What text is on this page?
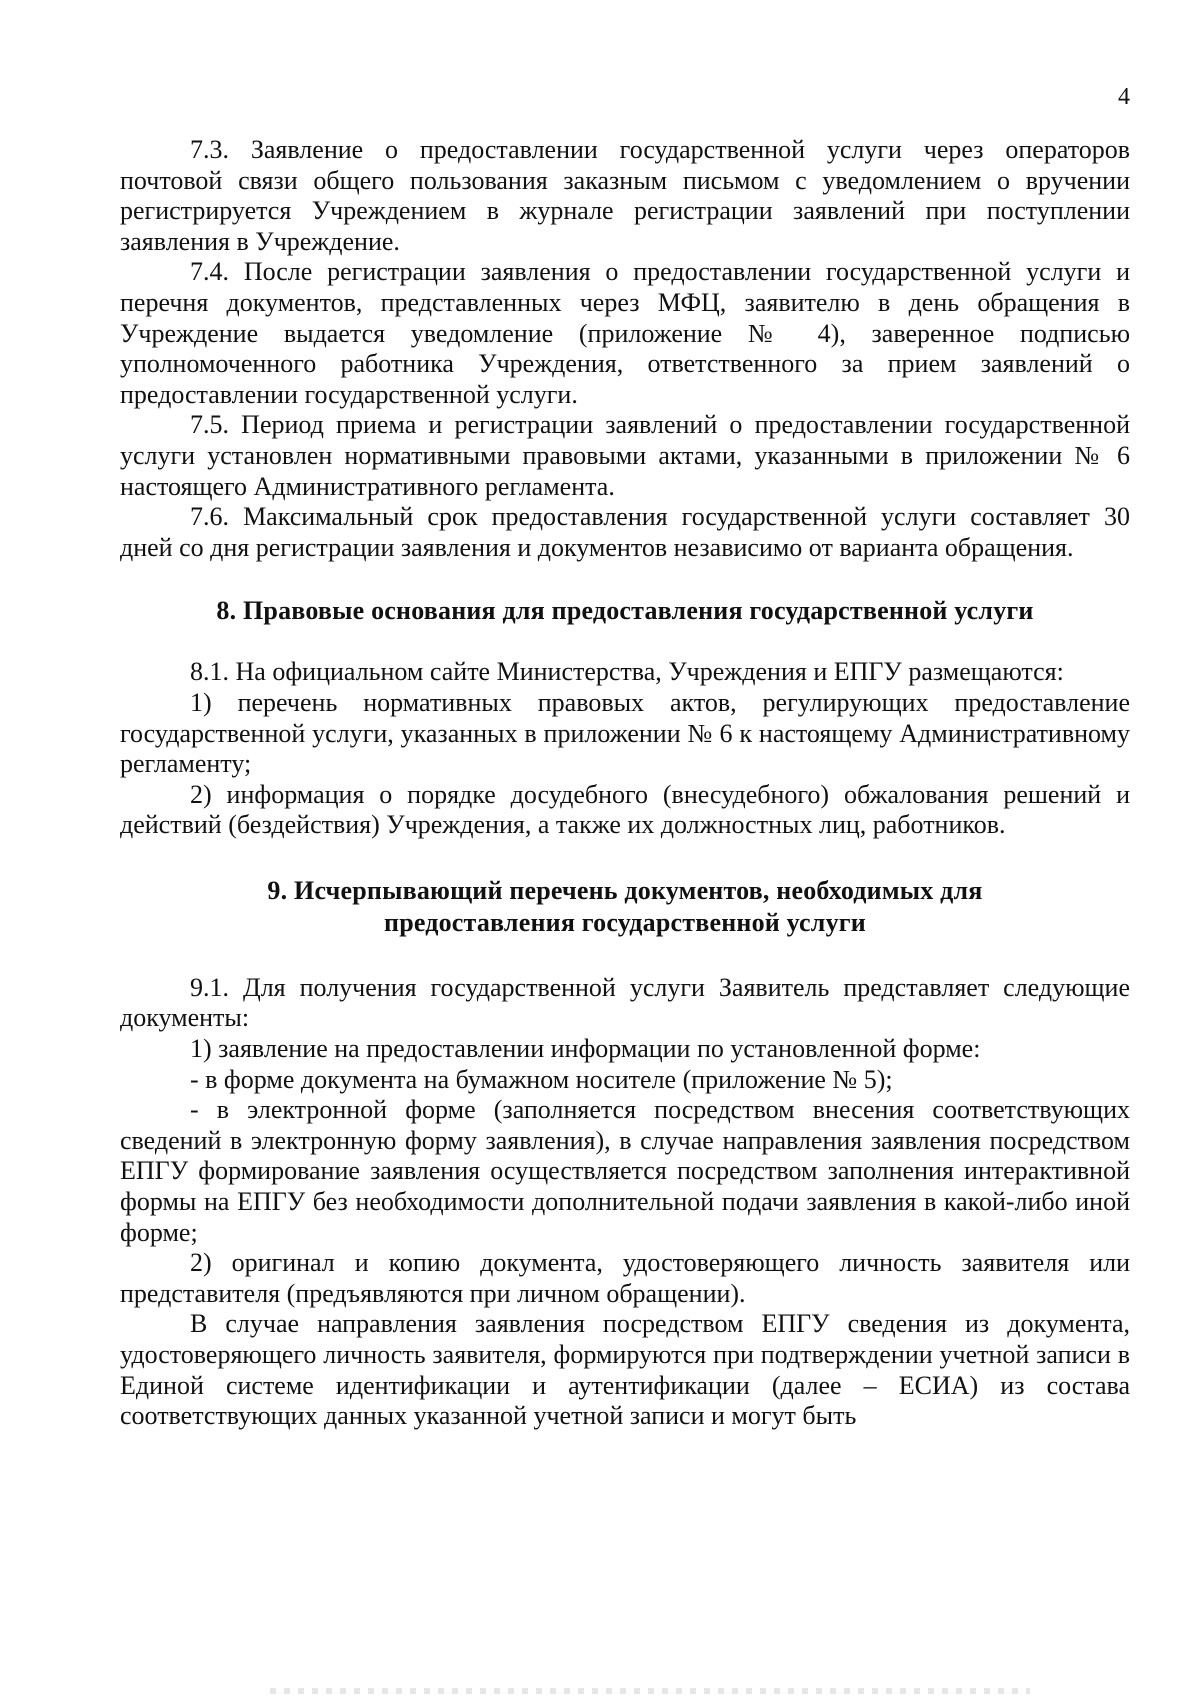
4

7.3. Заявление о предоставлении государственной услуги через операторов почтовой связи общего пользования заказным письмом с уведомлением о вручении регистрируется Учреждением в журнале регистрации заявлений при поступлении заявления в Учреждение.

7.4. После регистрации заявления о предоставлении государственной услуги и перечня документов, представленных через МФЦ, заявителю в день обращения в Учреждение выдается уведомление (приложение № 4), заверенное подписью уполномоченного работника Учреждения, ответственного за прием заявлений о предоставлении государственной услуги.

7.5. Период приема и регистрации заявлений о предоставлении государственной услуги установлен нормативными правовыми актами, указанными в приложении № 6 настоящего Административного регламента.

7.6. Максимальный срок предоставления государственной услуги составляет 30 дней со дня регистрации заявления и документов независимо от варианта обращения.

8. Правовые основания для предоставления государственной услуги

8.1. На официальном сайте Министерства, Учреждения и ЕПГУ размещаются:

1) перечень нормативных правовых актов, регулирующих предоставление государственной услуги, указанных в приложении № 6 к настоящему Административному регламенту;

2) информация о порядке досудебного (внесудебного) обжалования решений и действий (бездействия) Учреждения, а также их должностных лиц, работников.

9. Исчерпывающий перечень документов, необходимых для
предоставления государственной услуги

9.1. Для получения государственной услуги Заявитель представляет следующие документы:

1) заявление на предоставлении информации по установленной форме:

- в форме документа на бумажном носителе (приложение № 5);

- в электронной форме (заполняется посредством внесения соответствующих сведений в электронную форму заявления), в случае направления заявления посредством ЕПГУ формирование заявления осуществляется посредством заполнения интерактивной формы на ЕПГУ без необходимости дополнительной подачи заявления в какой-либо иной форме;

2) оригинал и копию документа, удостоверяющего личность заявителя или представителя (предъявляются при личном обращении).

В случае направления заявления посредством ЕПГУ сведения из документа, удостоверяющего личность заявителя, формируются при подтверждении учетной записи в Единой системе идентификации и аутентификации (далее – ЕСИА) из состава соответствующих данных указанной учетной записи и могут быть
